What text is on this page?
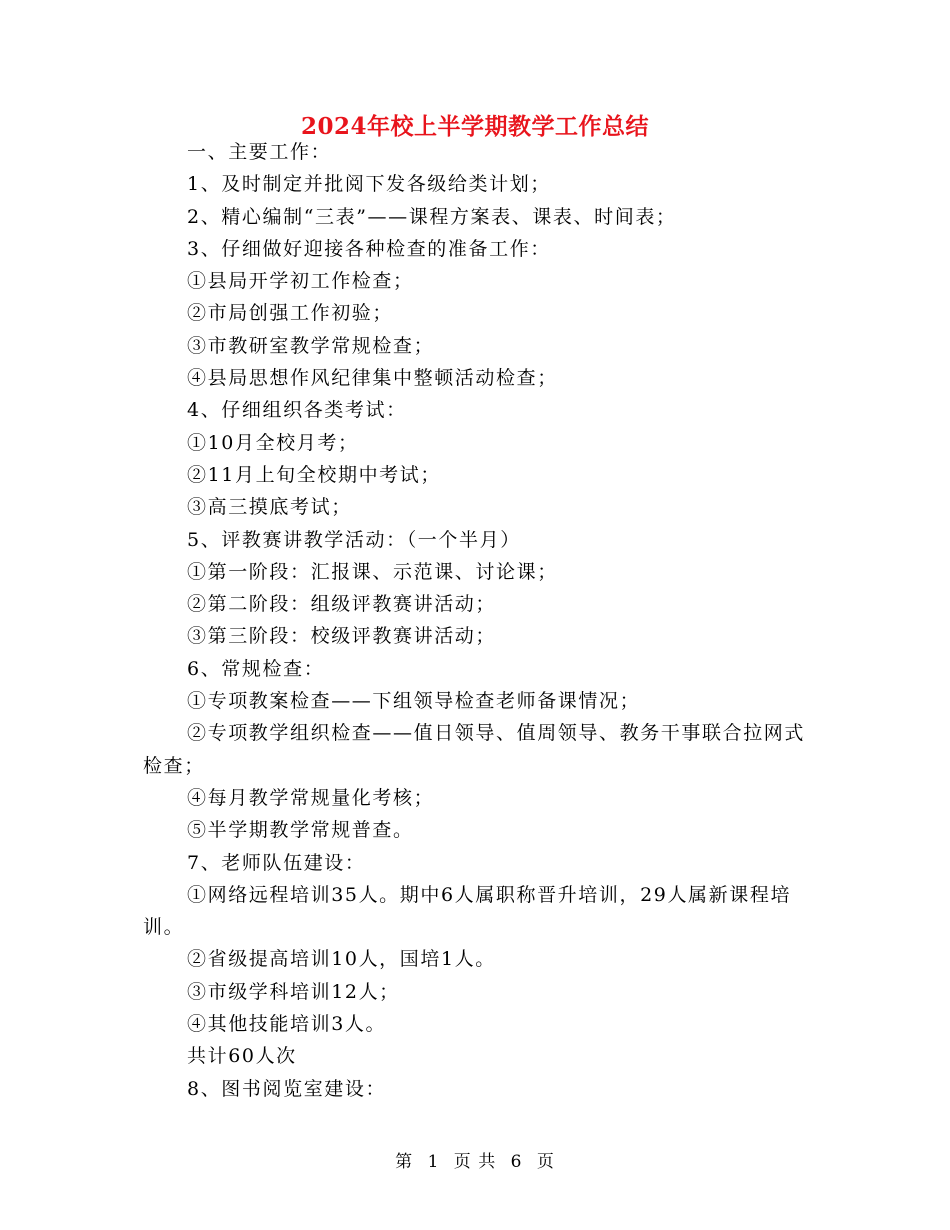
2024年校上半学期教学工作总结

一、主要工作：

1、及时制定并批阅下发各级给类计划；

2、精心编制“三表”——课程方案表、课表、时间表；

3、仔细做好迎接各种检查的准备工作：

①县局开学初工作检查；

②市局创强工作初验；

③市教研室教学常规检查；

④县局思想作风纪律集中整顿活动检查；

4、仔细组织各类考试：

①10月全校月考；

②11月上旬全校期中考试；

③高三摸底考试；

5、评教赛讲教学活动：（一个半月）

①第一阶段：汇报课、示范课、讨论课；

②第二阶段：组级评教赛讲活动；

③第三阶段：校级评教赛讲活动；

6、常规检查：

①专项教案检查——下组领导检查老师备课情况；

②专项教学组织检查——值日领导、值周领导、教务干事联合拉网式检查；

④每月教学常规量化考核；

⑤半学期教学常规普查。

7、老师队伍建设：

①网络远程培训35人。期中6人属职称晋升培训，29人属新课程培训。

②省级提高培训10人，国培1人。

③市级学科培训12人；

④其他技能培训3人。

共计60人次

8、图书阅览室建设：

第 1 页 共 6 页
